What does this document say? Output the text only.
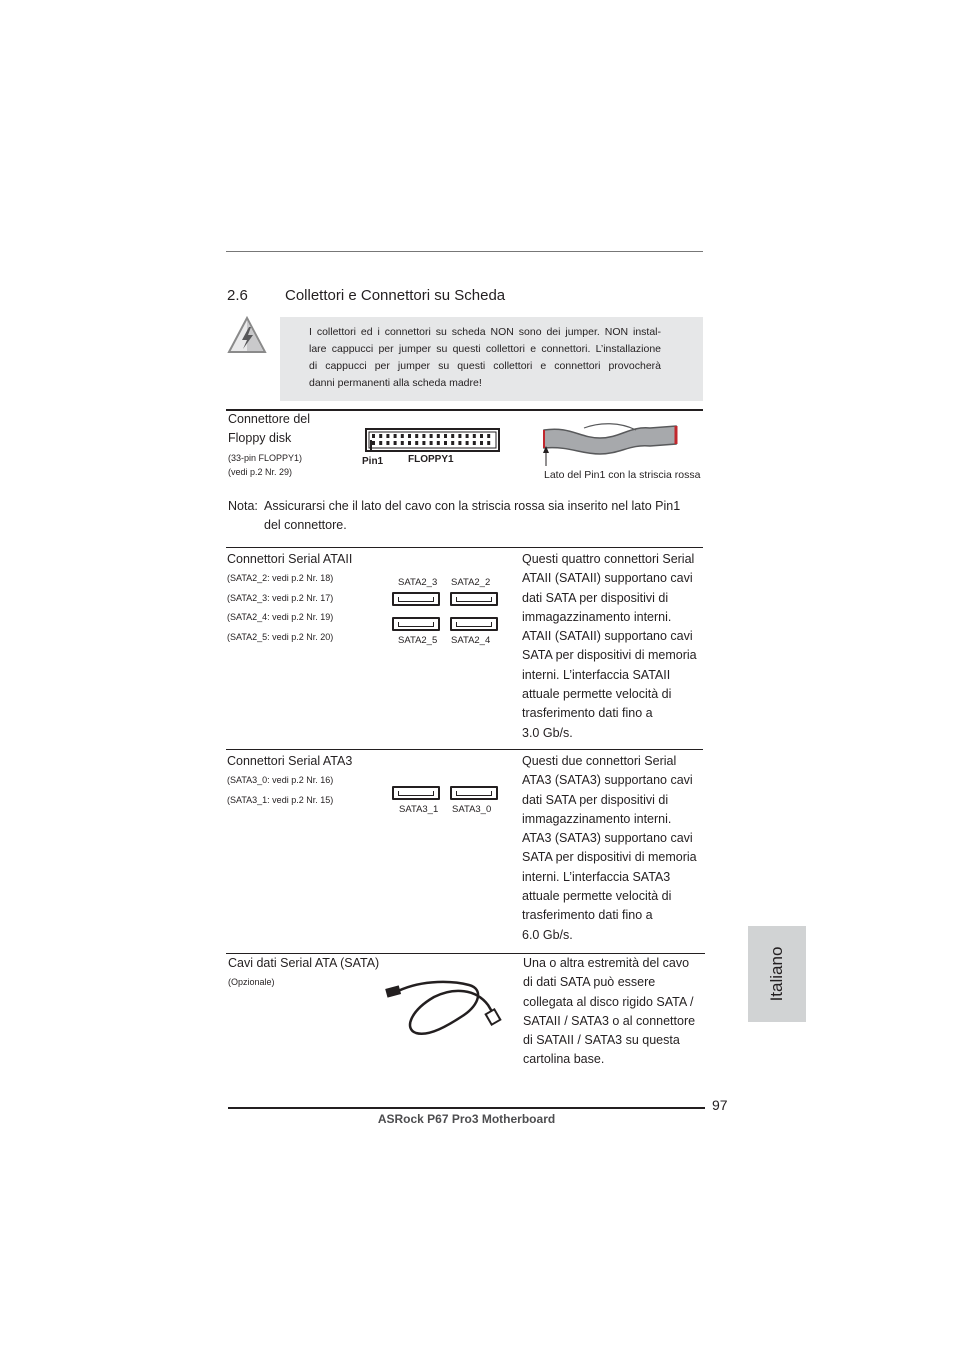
2.6 Collettori e Connettori su Scheda
I collettori ed i connettori su scheda NON sono dei jumper. NON instal-
lare cappucci per jumper su questi collettori e connettori. L’installazione
di cappucci per jumper su questi collettori e connettori provocherà
danni permanenti alla scheda madre!
Connettore del
Floppy disk
(33-pin FLOPPY1)
(vedi p.2 Nr. 29)
Pin1 FLOPPY1
Lato del Pin1 con la striscia rossa
Nota: Assicurarsi che il lato del cavo con la striscia rossa sia inserito nel lato Pin1
del connettore.
Connettori Serial ATAII
(SATA2_2: vedi p.2 Nr. 18)
(SATA2_3: vedi p.2 Nr. 17)
(SATA2_4: vedi p.2 Nr. 19)
(SATA2_5: vedi p.2 Nr. 20)
SATA2_3 SATA2_2
SATA2_5 SATA2_4
Questi quattro connettori Serial
ATAII (SATAII) supportano cavi
dati SATA per dispositivi di
immagazzinamento interni.
ATAII (SATAII) supportano cavi
SATA per dispositivi di memoria
interni. L’interfaccia SATAII
attuale permette velocità di
trasferimento dati fino a
3.0 Gb/s.
Connettori Serial ATA3
(SATA3_0: vedi p.2 Nr. 16)
(SATA3_1: vedi p.2 Nr. 15)
SATA3_1 SATA3_0
Questi due connettori Serial
ATA3 (SATA3) supportano cavi
dati SATA per dispositivi di
immagazzinamento interni.
ATA3 (SATA3) supportano cavi
SATA per dispositivi di memoria
interni. L’interfaccia SATA3
attuale permette velocità di
trasferimento dati fino a
6.0 Gb/s.
Cavi dati Serial ATA (SATA)
(Opzionale)
Una o altra estremità del cavo
di dati SATA può essere
collegata al disco rigido SATA /
SATAII / SATA3 o al connettore
di SATAII / SATA3 su questa
cartolina base.
Italiano
97
ASRock P67 Pro3 Motherboard
